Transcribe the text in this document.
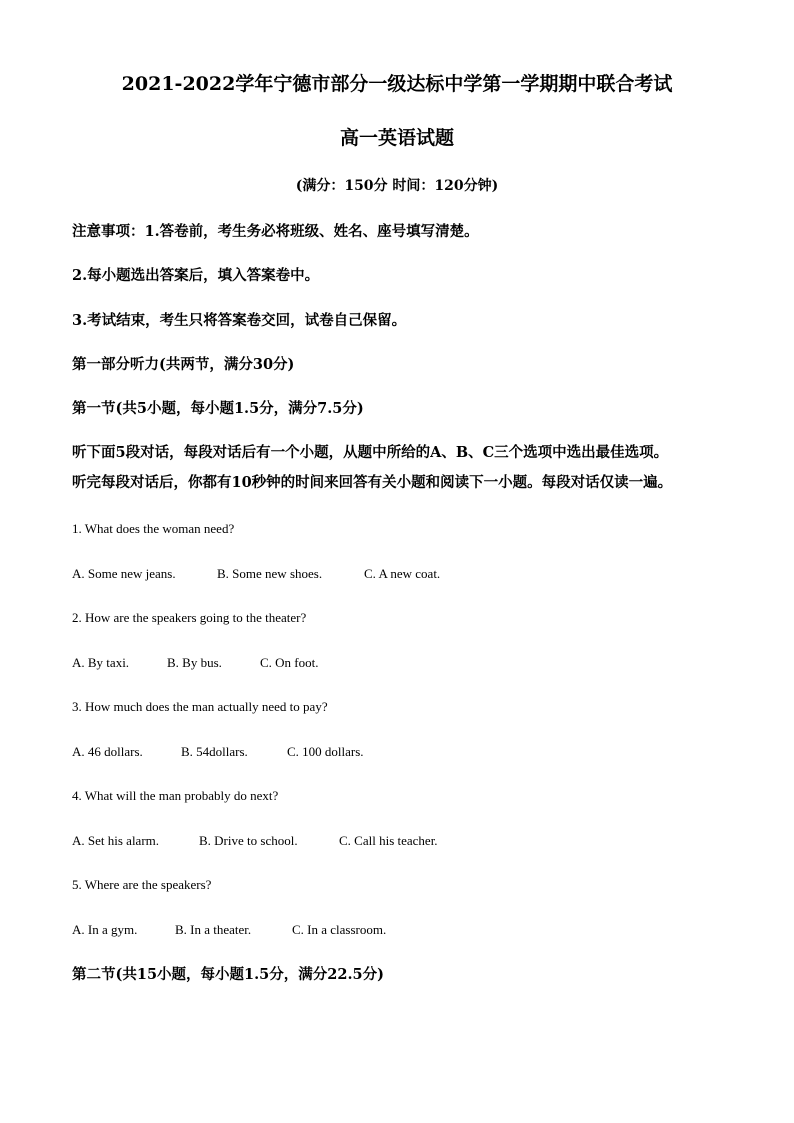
2021-2022学年宁德市部分一级达标中学第一学期期中联合考试
高一英语试题
(满分：150分 时间：120分钟)
注意事项：1.答卷前，考生务必将班级、姓名、座号填写清楚。
2.每小题选出答案后，填入答案卷中。
3.考试结束，考生只将答案卷交回，试卷自己保留。
第一部分听力(共两节，满分30分)
第一节(共5小题，每小题1.5分，满分7.5分)
听下面5段对话，每段对话后有一个小题，从题中所给的A、B、C三个选项中选出最佳选项。
听完每段对话后，你都有10秒钟的时间来回答有关小题和阅读下一小题。每段对话仅读一遍。
1. What does the woman need?
A. Some new jeans.	B. Some new shoes.	C. A new coat.
2. How are the speakers going to the theater?
A. By taxi.	B. By bus.	C. On foot.
3. How much does the man actually need to pay?
A. 46 dollars.	B. 54dollars.	C. 100 dollars.
4. What will the man probably do next?
A. Set his alarm.	B. Drive to school.	C. Call his teacher.
5. Where are the speakers?
A. In a gym.	B. In a theater.	C. In a classroom.
第二节(共15小题，每小题1.5分，满分22.5分)
